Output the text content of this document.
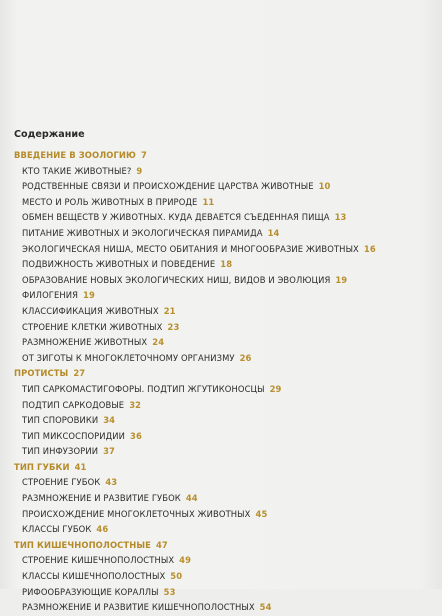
Содержание
ВВЕДЕНИЕ В ЗООЛОГИЮ 7
КТО ТАКИЕ ЖИВОТНЫЕ? 9
РОДСТВЕННЫЕ СВЯЗИ И ПРОИСХОЖДЕНИЕ ЦАРСТВА ЖИВОТНЫЕ 10
МЕСТО И РОЛЬ ЖИВОТНЫХ В ПРИРОДЕ 11
ОБМЕН ВЕЩЕСТВ У ЖИВОТНЫХ. КУДА ДЕВАЕТСЯ СЪЕДЕННАЯ ПИЩА 13
ПИТАНИЕ ЖИВОТНЫХ И ЭКОЛОГИЧЕСКАЯ ПИРАМИДА 14
ЭКОЛОГИЧЕСКАЯ НИША, МЕСТО ОБИТАНИЯ И МНОГООБРАЗИЕ ЖИВОТНЫХ 16
ПОДВИЖНОСТЬ ЖИВОТНЫХ И ПОВЕДЕНИЕ 18
ОБРАЗОВАНИЕ НОВЫХ ЭКОЛОГИЧЕСКИХ НИШ, ВИДОВ И ЭВОЛЮЦИЯ 19
ФИЛОГЕНИЯ 19
КЛАССИФИКАЦИЯ ЖИВОТНЫХ 21
СТРОЕНИЕ КЛЕТКИ ЖИВОТНЫХ 23
РАЗМНОЖЕНИЕ ЖИВОТНЫХ 24
ОТ ЗИГОТЫ К МНОГОКЛЕТОЧНОМУ ОРГАНИЗМУ 26
ПРОТИСТЫ 27
ТИП САРКОМАСТИГОФОРЫ. ПОДТИП ЖГУТИКОНОСЦЫ 29
ПОДТИП САРКОДОВЫЕ 32
ТИП СПОРОВИКИ 34
ТИП МИКСОСПОРИДИИ 36
ТИП ИНФУЗОРИИ 37
ТИП ГУБКИ 41
СТРОЕНИЕ ГУБОК 43
РАЗМНОЖЕНИЕ И РАЗВИТИЕ ГУБОК 44
ПРОИСХОЖДЕНИЕ МНОГОКЛЕТОЧНЫХ ЖИВОТНЫХ 45
КЛАССЫ ГУБОК 46
ТИП КИШЕЧНОПОЛОСТНЫЕ 47
СТРОЕНИЕ КИШЕЧНОПОЛОСТНЫХ 49
КЛАССЫ КИШЕЧНОПОЛОСТНЫХ 50
РИФООБРАЗУЮЩИЕ КОРАЛЛЫ 53
РАЗМНОЖЕНИЕ И РАЗВИТИЕ КИШЕЧНОПОЛОСТНЫХ 54
